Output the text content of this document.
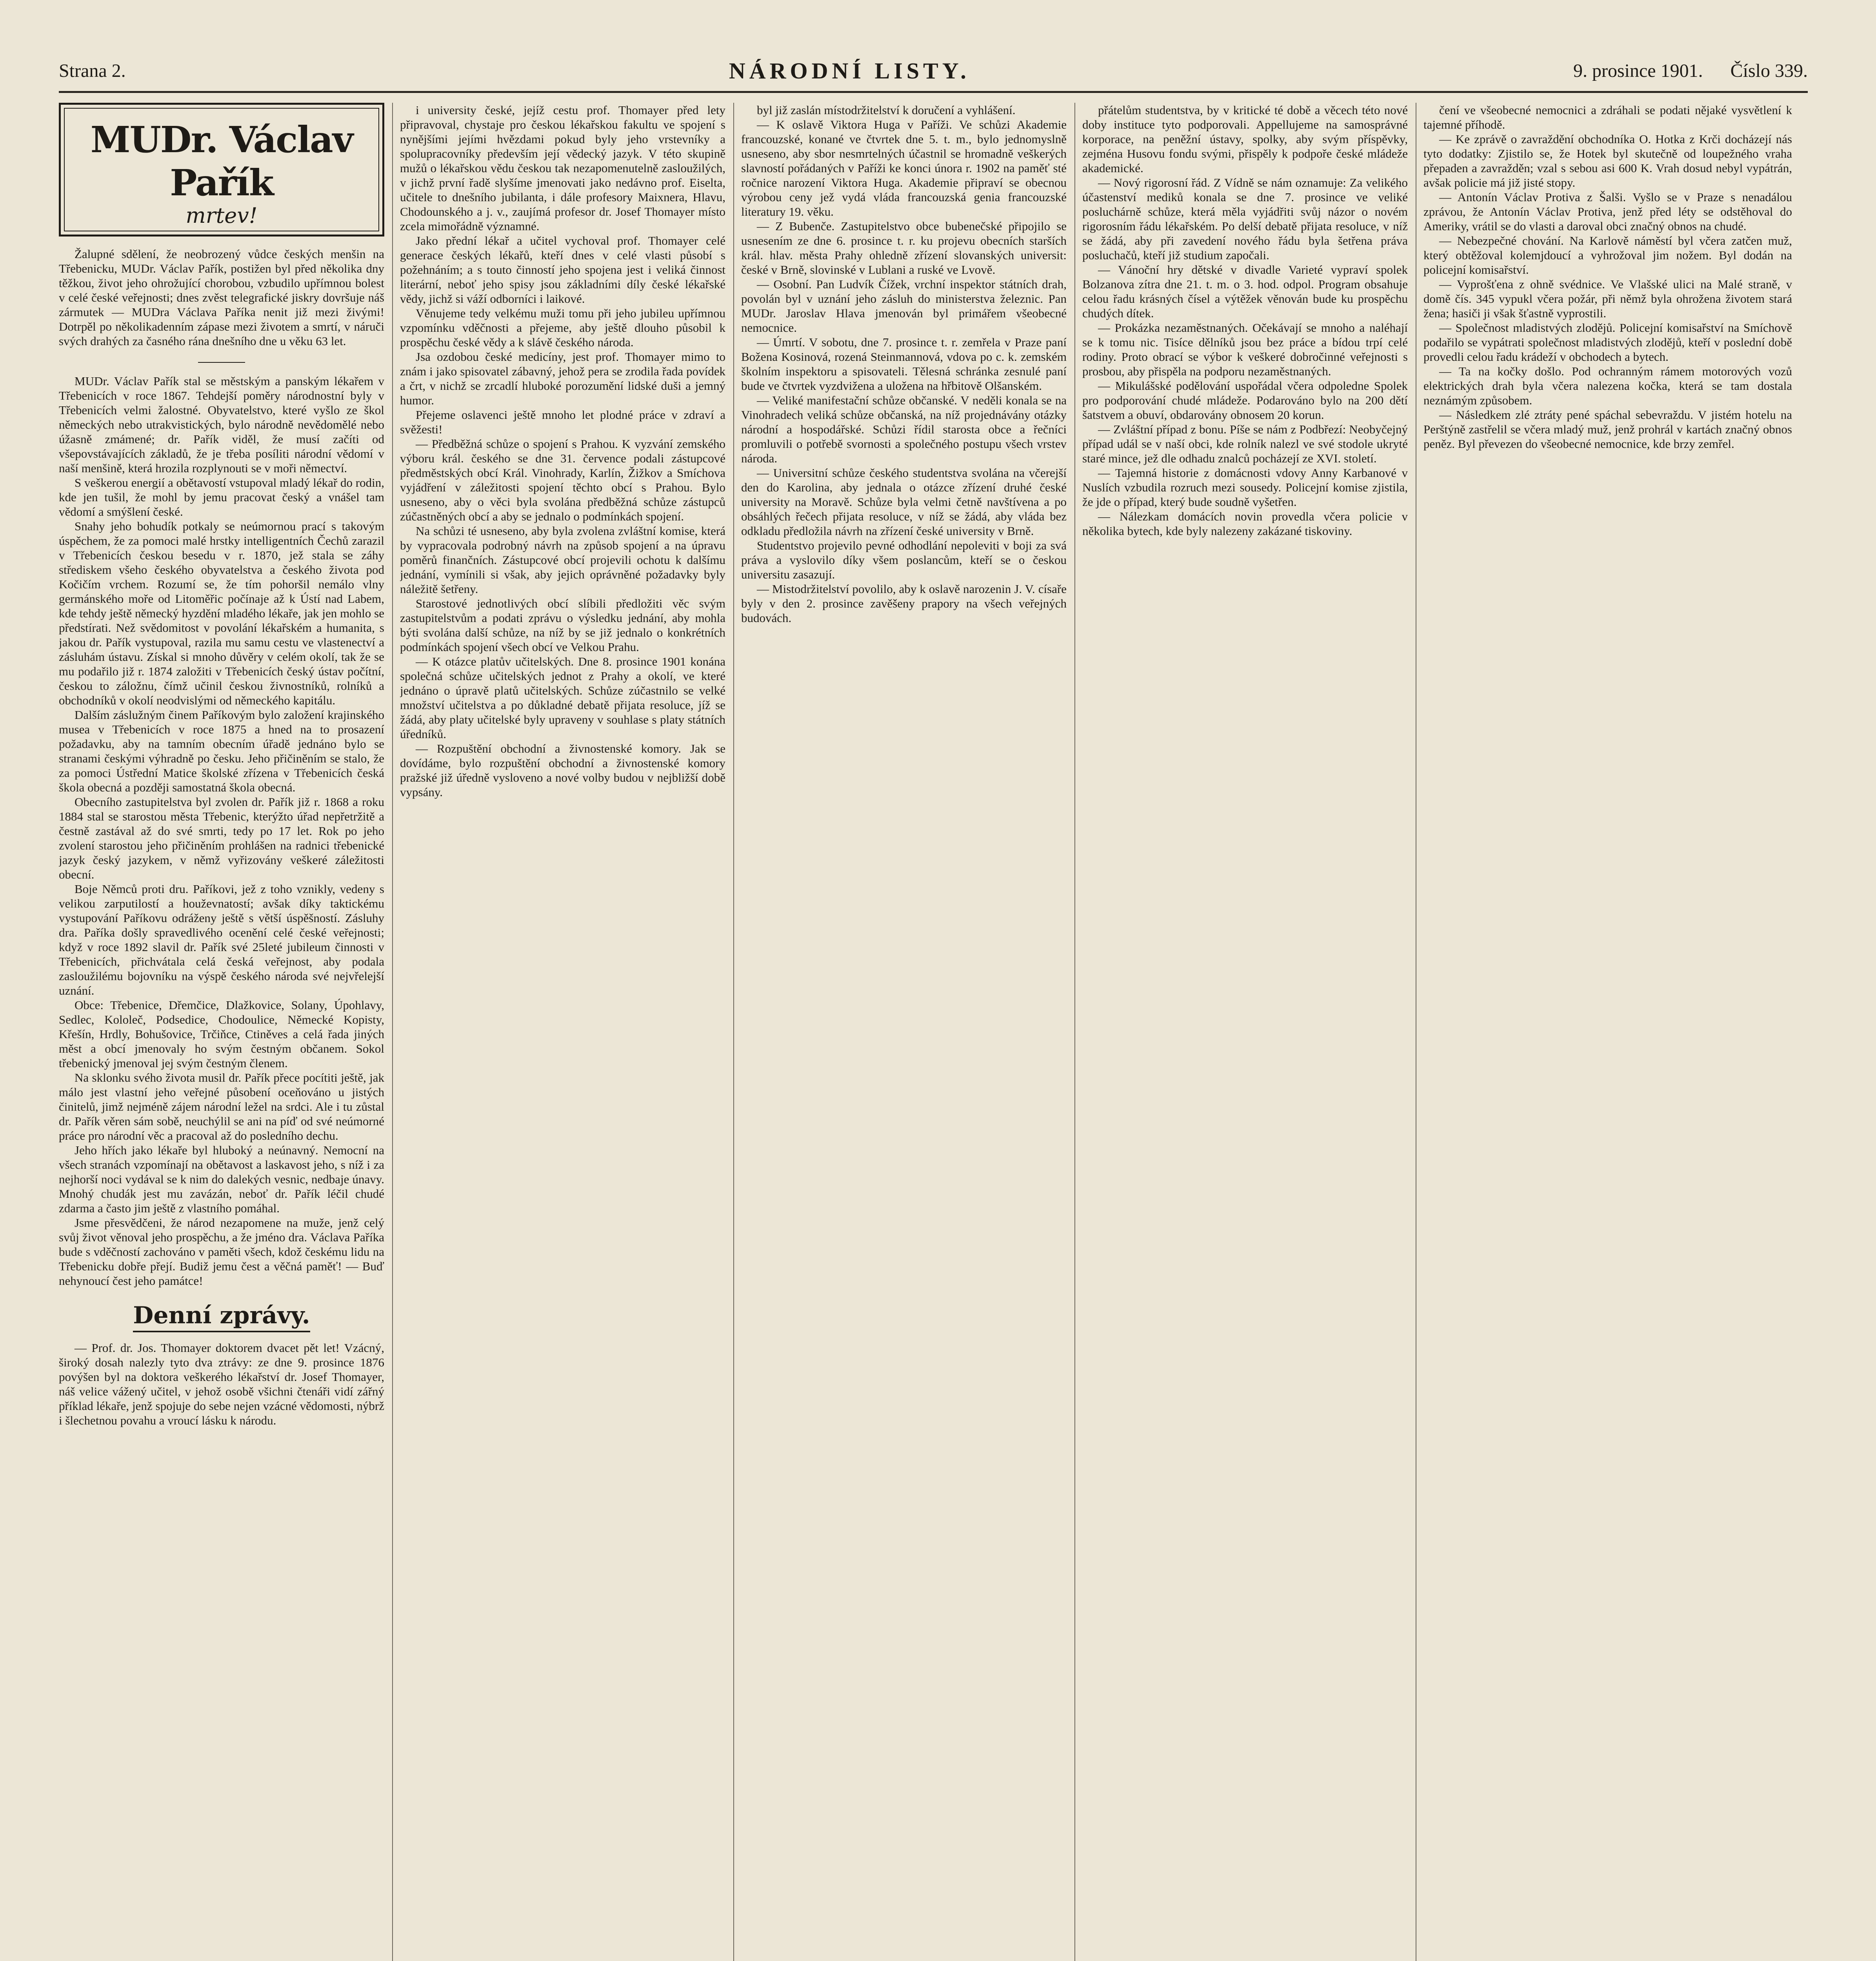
Strana 2.	NÁRODNÍ LISTY.	9. prosince 1901. Číslo 339.
MUDr. Václav Pařík
mrtev!

Žalupné sdělení, že neobrozený vůdce českých menšin na Třebenicku, MUDr. Václav Pařík, postižen byl před několika dny těžkou, život jeho ohrožující chorobou, vzbudilo upřímnou bolest v celé české veřejnosti; dnes zvěst telegrafické jiskry dovršuje náš zármutek — MUDra Václava Paříka nenit již mezi živými! Dotrpěl po několikadenním zápase mezi životem a smrtí, v náruči svých drahých za časného rána dnešního dne u věku 63 let.

MUDr. Václav Pařík stal se městským a panským lékařem v Třebenicích v roce 1867. Tehdejší poměry národnostní byly v Třebenicích velmi žalostné. Obyvatelstvo, které vyšlo ze škol německých nebo utrakvistických, bylo národně nevědomělé nebo úžasně zmámené; dr. Pařík viděl, že musí začíti od všepovstávajících základů, že je třeba posíliti národní vědomí v naší menšině, která hrozila rozplynouti se v moři němectví.

S veškerou energií a obětavostí vstupoval mladý lékař do rodin, kde jen tušil, že mohl by jemu pracovat český a vnášel tam vědomí a smýšlení české.

Snahy jeho bohudík potkaly se neúmornou prací s takovým úspěchem, že za pomoci malé hrstky intelligentních Čechů zarazil v Třebenicích českou besedu v r. 1870, jež stala se záhy střediskem všeho českého obyvatelstva a českého života pod Kočičím vrchem. Rozumí se, že tím pohoršil nemálo vlny germánského moře od Litoměřic počínaje až k Ústí nad Labem, kde tehdy ještě německý hyzdění mladého lékaře, jak jen mohlo se předstírati. Než svědomitost v povolání lékařském a humanita, s jakou dr. Pařík vystupoval, razila mu samu cestu ve vlastenectví a zásluhám ústavu. Získal si mnoho důvěry v celém okolí, tak že se mu podařilo již r. 1874 založiti v Třebenicích český ústav počítní, českou to záložnu, čímž učinil českou živnostníků, rolníků a obchodníků v okolí neodvislými od německého kapitálu.

Dalším záslužným činem Paříkovým bylo založení krajinského musea v Třebenicích v roce 1875 a hned na to prosazení požadavku, aby na tamním obecním úřadě jednáno bylo se stranami českými výhradně po česku. Jeho přičiněním se stalo, že za pomoci Ústřední Matice školské zřízena v Třebenicích česká škola obecná a později samostatná škola obecná.

Obecního zastupitelstva byl zvolen dr. Pařík již r. 1868 a roku 1884 stal se starostou města Třebenic, kterýžto úřad nepřetržitě a čestně zastával až do své smrti, tedy po 17 let. Rok po jeho zvolení starostou jeho přičiněním prohlášen na radnici třebenické jazyk český jazykem, v němž vyřizovány veškeré záležitosti obecní.

Boje Němců proti dru. Paříkovi, jež z toho vznikly, vedeny s velikou zarputilostí a houževnatostí; avšak díky taktickému vystupování Paříkovu odráženy ještě s větší úspěšností. Zásluhy dra. Paříka došly spravedlivého ocenění celé české veřejnosti; když v roce 1892 slavil dr. Pařík své 25leté jubileum činnosti v Třebenicích, přichvátala celá česká veřejnost, aby podala zasloužilému bojovníku na výspě českého národa své nejvřelejší uznání.

Obce: Třebenice, Dřemčice, Dlažkovice, Solany, Úpohlavy, Sedlec, Kololeč, Podsedice, Chodoulice, Německé Kopisty, Křešín, Hrdly, Bohušovice, Trčiňce, Ctiněves a celá řada jiných měst a obcí jmenovaly ho svým čestným občanem. Sokol třebenický jmenoval jej svým čestným členem.

Na sklonku svého života musil dr. Pařík přece pocítiti ještě, jak málo jest vlastní jeho veřejné působení oceňováno u jistých činitelů, jimž nejméně zájem národní ležel na srdci. Ale i tu zůstal dr. Pařík věren sám sobě, neuchýlil se ani na píď od své neúmorné práce pro národní věc a pracoval až do posledního dechu.

Jeho hřích jako lékaře byl hluboký a neúnavný. Nemocní na všech stranách vzpomínají na obětavost a laskavost jeho, s níž i za nejhorší noci vydával se k nim do dalekých vesnic, nedbaje únavy. Mnohý chudák jest mu zavázán, neboť dr. Pařík léčil chudé zdarma a často jim ještě z vlastního pomáhal.

Jsme přesvědčeni, že národ nezapomene na muže, jenž celý svůj život věnoval jeho prospěchu, a že jméno dra. Václava Paříka bude s vděčností zachováno v paměti všech, kdož českému lidu na Třebenicku dobře přejí. Budiž jemu čest a věčná paměť! — Buď nehynoucí čest jeho památce!

Denní zprávy.

— Prof. dr. Jos. Thomayer doktorem dvacet pět let! Vzácný, široký dosah nalezly tyto dva ztrávy: ze dne 9. prosince 1876 povýšen byl na doktora veškerého lékařství dr. Josef Thomayer, náš velice vážený učitel, v jehož osobě všichni čtenáři vidí zářný příklad lékaře, jenž spojuje do sebe nejen vzácné vědomosti, nýbrž i šlechetnou povahu a vroucí lásku k národu.

i university české, jejíž cestu prof. Thomayer před lety připravoval, chystaje pro českou lékařskou fakultu ve spojení s nynějšími jejími hvězdami pokud byly jeho vrstevníky a spolupracovníky především její vědecký jazyk. V této skupině mužů o lékařskou vědu českou tak nezapomenutelně zasloužilých, v jichž první řadě slyšíme jmenovati jako nedávno prof. Eiselta, učitele to dnešního jubilanta, i dále profesory Maixnera, Hlavu, Chodounského a j. v., zaujímá profesor dr. Josef Thomayer místo zcela mimořádně významné.

Jako přední lékař a učitel vychoval prof. Thomayer celé generace českých lékařů, kteří dnes v celé vlasti působí s požehnáním; a s touto činností jeho spojena jest i veliká činnost literární, neboť jeho spisy jsou základními díly české lékařské vědy, jichž si váží odborníci i laikové.

Věnujeme tedy velkému muži tomu při jeho jubileu upřímnou vzpomínku vděčnosti a přejeme, aby ještě dlouho působil k prospěchu české vědy a k slávě českého národa.

Jsa ozdobou české medicíny, jest prof. Thomayer mimo to znám i jako spisovatel zábavný, jehož pera se zrodila řada povídek a črt, v nichž se zrcadlí hluboké porozumění lidské duši a jemný humor.

Přejeme oslavenci ještě mnoho let plodné práce v zdraví a svěžesti!

— Předběžná schůze o spojení s Prahou. K vyzvání zemského výboru král. českého se dne 31. července podali zástupcové předměstských obcí Král. Vinohrady, Karlín, Žižkov a Smíchova vyjádření v záležitosti spojení těchto obcí s Prahou. Bylo usneseno, aby o věci byla svolána předběžná schůze zástupců zúčastněných obcí a aby se jednalo o podmínkách spojení.

Na schůzi té usneseno, aby byla zvolena zvláštní komise, která by vypracovala podrobný návrh na způsob spojení a na úpravu poměrů finančních. Zástupcové obcí projevili ochotu k dalšímu jednání, vymínili si však, aby jejich oprávněné požadavky byly náležitě šetřeny.

Starostové jednotlivých obcí slíbili předložiti věc svým zastupitelstvům a podati zprávu o výsledku jednání, aby mohla býti svolána další schůze, na níž by se již jednalo o konkrétních podmínkách spojení všech obcí ve Velkou Prahu.

— K otázce platův učitelských. Dne 8. prosince 1901 konána společná schůze učitelských jednot z Prahy a okolí, ve které jednáno o úpravě platů učitelských. Schůze zúčastnilo se velké množství učitelstva a po důkladné debatě přijata resoluce, jíž se žádá, aby platy učitelské byly upraveny v souhlase s platy státních úředníků.

— Rozpuštění obchodní a živnostenské komory. Jak se dovídáme, bylo rozpuštění obchodní a živnostenské komory pražské již úředně vysloveno a nové volby budou v nejbližší době vypsány.

byl již zaslán místodržitelství k doručení a vyhlášení.

— K oslavě Viktora Huga v Paříži. Ve schůzi Akademie francouzské, konané ve čtvrtek dne 5. t. m., bylo jednomyslně usneseno, aby sbor nesmrtelných účastnil se hromadně veškerých slavností pořádaných v Paříži ke konci února r. 1902 na paměť sté ročnice narození Viktora Huga. Akademie připraví se obecnou výrobou ceny jež vydá vláda francouzská genia francouzské literatury 19. věku.

— Z Bubenče. Zastupitelstvo obce bubenečské připojilo se usnesením ze dne 6. prosince t. r. ku projevu obecních starších král. hlav. města Prahy ohledně zřízení slovanských universit: české v Brně, slovinské v Lublani a ruské ve Lvově.

— Osobní. Pan Ludvík Čížek, vrchní inspektor státních drah, povolán byl v uznání jeho zásluh do ministerstva železnic. Pan MUDr. Jaroslav Hlava jmenován byl primářem všeobecné nemocnice.

— Úmrtí. V sobotu, dne 7. prosince t. r. zemřela v Praze paní Božena Kosinová, rozená Steinmannová, vdova po c. k. zemském školním inspektoru a spisovateli. Tělesná schránka zesnulé paní bude ve čtvrtek vyzdvižena a uložena na hřbitově Olšanském.

— Veliké manifestační schůze občanské. V neděli konala se na Vinohradech veliká schůze občanská, na níž projednávány otázky národní a hospodářské. Schůzi řídil starosta obce a řečníci promluvili o potřebě svornosti a společného postupu všech vrstev národa.

— Universitní schůze českého studentstva svolána na včerejší den do Karolina, aby jednala o otázce zřízení druhé české university na Moravě. Schůze byla velmi četně navštívena a po obsáhlých řečech přijata resoluce, v níž se žádá, aby vláda bez odkladu předložila návrh na zřízení české university v Brně.

Studentstvo projevilo pevné odhodlání nepoleviti v boji za svá práva a vyslovilo díky všem poslancům, kteří se o českou universitu zasazují.

— Mistodržitelství povolilo, aby k oslavě narozenin J. V. císaře byly v den 2. prosince zavěšeny prapory na všech veřejných budovách.

přátelům studentstva, by v kritické té době a věcech této nové doby instituce tyto podporovali. Appellujeme na samosprávné korporace, na peněžní ústavy, spolky, aby svým příspěvky, zejména Husovu fondu svými, přispěly k podpoře české mládeže akademické.

— Nový rigorosní řád. Z Vídně se nám oznamuje: Za velikého účastenství mediků konala se dne 7. prosince ve veliké posluchárně schůze, která měla vyjádřiti svůj názor o novém rigorosním řádu lékařském. Po delší debatě přijata resoluce, v níž se žádá, aby při zavedení nového řádu byla šetřena práva posluchačů, kteří již studium započali.

— Vánoční hry dětské v divadle Varieté vypraví spolek Bolzanova zítra dne 21. t. m. o 3. hod. odpol. Program obsahuje celou řadu krásných čísel a výtěžek věnován bude ku prospěchu chudých dítek.

— Prokázka nezaměstnaných. Očekávají se mnoho a naléhají se k tomu nic. Tisíce dělníků jsou bez práce a bídou trpí celé rodiny. Proto obrací se výbor k veškeré dobročinné veřejnosti s prosbou, aby přispěla na podporu nezaměstnaných.

— Mikulášské podělování uspořádal včera odpoledne Spolek pro podporování chudé mládeže. Podarováno bylo na 200 dětí šatstvem a obuví, obdarovány obnosem 20 korun.

— Zvláštní případ z bonu. Píše se nám z Podbřezí: Neobyčejný případ udál se v naší obci, kde rolník nalezl ve své stodole ukryté staré mince, jež dle odhadu znalců pocházejí ze XVI. století.

— Tajemná historie z domácnosti vdovy Anny Karbanové v Nuslích vzbudila rozruch mezi sousedy. Policejní komise zjistila, že jde o případ, který bude soudně vyšetřen.

— Nálezkam domácích novin provedla včera policie v několika bytech, kde byly nalezeny zakázané tiskoviny.

čení ve všeobecné nemocnici a zdráhali se podati nějaké vysvětlení k tajemné příhodě.

— Ke zprávě o zavraždění obchodníka O. Hotka z Krči docházejí nás tyto dodatky: Zjistilo se, že Hotek byl skutečně od loupežného vraha přepaden a zavražděn; vzal s sebou asi 600 K. Vrah dosud nebyl vypátrán, avšak policie má již jisté stopy.

— Antonín Václav Protiva z Šalši. Vyšlo se v Praze s nenadálou zprávou, že Antonín Václav Protiva, jenž před léty se odstěhoval do Ameriky, vrátil se do vlasti a daroval obci značný obnos na chudé.

— Nebezpečné chování. Na Karlově náměstí byl včera zatčen muž, který obtěžoval kolemjdoucí a vyhrožoval jim nožem. Byl dodán na policejní komisařství.

— Vyprošťena z ohně svédnice. Ve Vlašské ulici na Malé straně, v domě čís. 345 vypukl včera požár, při němž byla ohrožena životem stará žena; hasiči ji však šťastně vyprostili.

— Společnost mladistvých zlodějů. Policejní komisařství na Smíchově podařilo se vypátrati společnost mladistvých zlodějů, kteří v poslední době provedli celou řadu krádeží v obchodech a bytech.

— Ta na kočky došlo. Pod ochranným rámem motorových vozů elektrických drah byla včera nalezena kočka, která se tam dostala neznámým způsobem.

— Následkem zlé ztráty pené spáchal sebevraždu. V jistém hotelu na Perštýně zastřelil se včera mladý muž, jenž prohrál v kartách značný obnos peněz. Byl převezen do všeobecné nemocnice, kde brzy zemřel.
